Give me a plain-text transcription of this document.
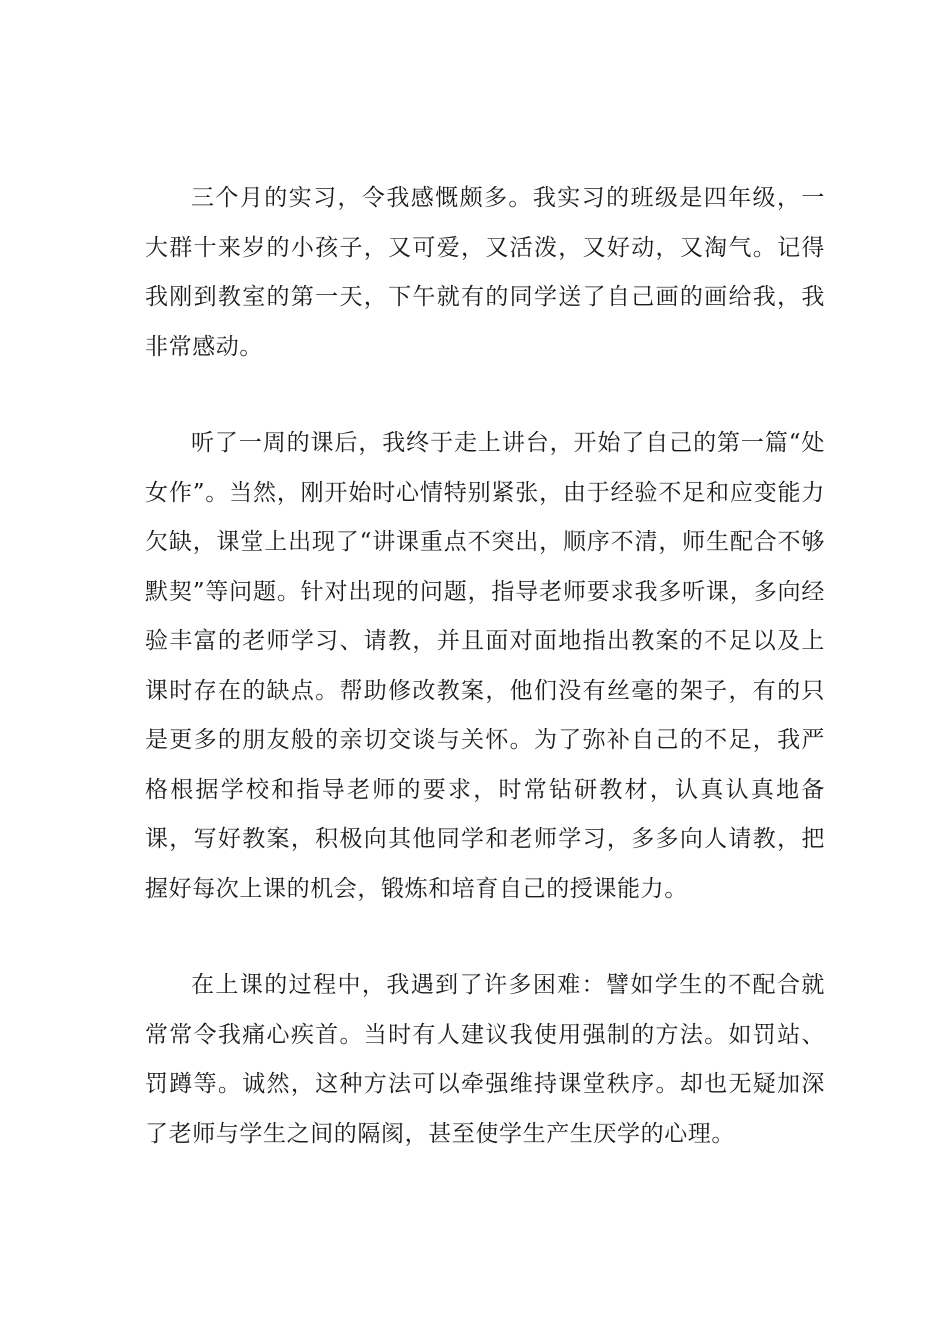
三个月的实习，令我感慨颇多。我实习的班级是四年级，一大群十来岁的小孩子，又可爱，又活泼，又好动，又淘气。记得我刚到教室的第一天，下午就有的同学送了自己画的画给我，我非常感动。

听了一周的课后，我终于走上讲台，开始了自己的第一篇“处女作”。当然，刚开始时心情特别紧张，由于经验不足和应变能力欠缺，课堂上出现了“讲课重点不突出，顺序不清，师生配合不够默契”等问题。针对出现的问题，指导老师要求我多听课，多向经验丰富的老师学习、请教，并且面对面地指出教案的不足以及上课时存在的缺点。帮助修改教案，他们没有丝毫的架子，有的只是更多的朋友般的亲切交谈与关怀。为了弥补自己的不足，我严格根据学校和指导老师的要求，时常钻研教材，认真认真地备课，写好教案，积极向其他同学和老师学习，多多向人请教，把握好每次上课的机会，锻炼和培育自己的授课能力。

在上课的过程中，我遇到了许多困难：譬如学生的不配合就常常令我痛心疾首。当时有人建议我使用强制的方法。如罚站、罚蹲等。诚然，这种方法可以牵强维持课堂秩序。却也无疑加深了老师与学生之间的隔阂，甚至使学生产生厌学的心理。
